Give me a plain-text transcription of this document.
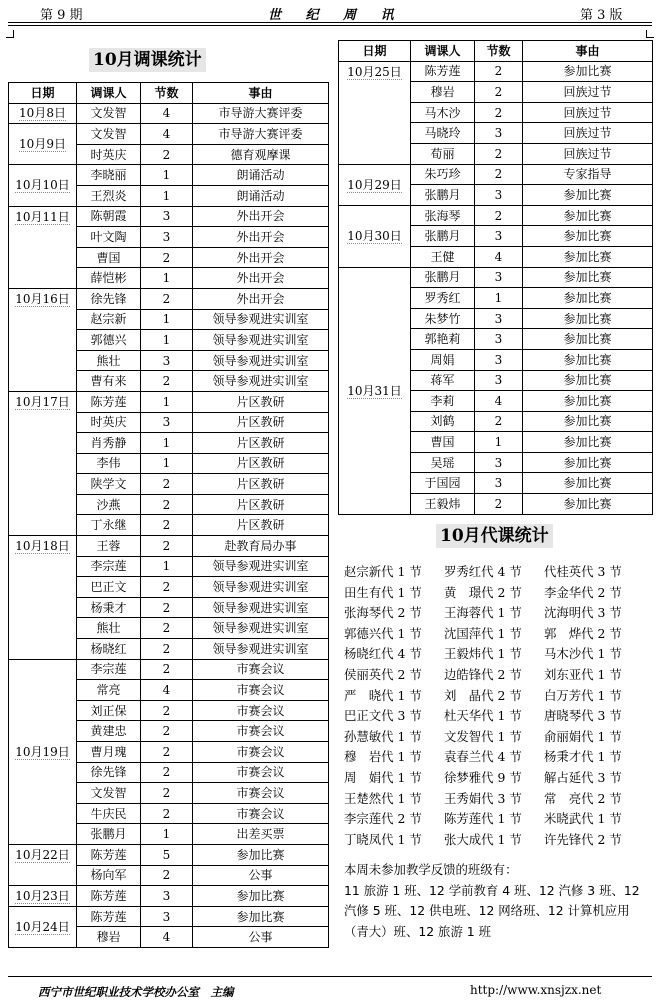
第 9 期	世 纪 周 讯	第 3 版
10月调课统计
日期	调课人	节数	事由
10月8日	文发智	4	市导游大赛评委
10月9日	文发智	4	市导游大赛评委
	时英庆	2	德育观摩课
10月10日	李晓丽	1	朗诵活动
	王烈炎	1	朗诵活动
10月11日	陈朝霞	3	外出开会
	叶文陶	3	外出开会
	曹国	2	外出开会
	薛恺彬	1	外出开会
10月16日	徐先锋	2	外出开会
	赵宗新	1	领导参观进实训室
	郭德兴	1	领导参观进实训室
	熊壮	3	领导参观进实训室
	曹有来	2	领导参观进实训室
10月17日	陈芳莲	1	片区教研
	时英庆	3	片区教研
	肖秀静	1	片区教研
	李伟	1	片区教研
	陕学文	2	片区教研
	沙燕	2	片区教研
	丁永继	2	片区教研
10月18日	王蓉	2	赴教育局办事
	李宗莲	1	领导参观进实训室
	巴正文	2	领导参观进实训室
	杨秉才	2	领导参观进实训室
	熊壮	2	领导参观进实训室
	杨晓红	2	领导参观进实训室
10月19日	李宗莲	2	市赛会议
	常亮	4	市赛会议
	刘正保	2	市赛会议
	黄建忠	2	市赛会议
	曹月瑰	2	市赛会议
	徐先锋	2	市赛会议
	文发智	2	市赛会议
	牛庆民	2	市赛会议
	张鹏月	1	出差买票
10月22日	陈芳莲	5	参加比赛
	杨向军	2	公事
10月23日	陈芳莲	3	参加比赛
10月24日	陈芳莲	3	参加比赛
	穆岩	4	公事
日期	调课人	节数	事由
10月25日	陈芳莲	2	参加比赛
	穆岩	2	回族过节
	马木沙	2	回族过节
	马晓玲	3	回族过节
	荀丽	2	回族过节
10月29日	朱巧珍	2	专家指导
	张鹏月	3	参加比赛
10月30日	张海琴	2	参加比赛
	张鹏月	3	参加比赛
	王健	4	参加比赛
10月31日	张鹏月	3	参加比赛
	罗秀红	1	参加比赛
	朱梦竹	3	参加比赛
	郭艳莉	3	参加比赛
	周娟	3	参加比赛
	蒋军	3	参加比赛
	李莉	4	参加比赛
	刘鹤	2	参加比赛
	曹国	1	参加比赛
	吴瑶	3	参加比赛
	于国园	3	参加比赛
	王毅炜	2	参加比赛
10月代课统计
赵宗新代 1 节 罗秀红代 4 节 代桂英代 3 节
田生有代 1 节 黄　璟代 2 节 李金华代 2 节
张海琴代 2 节 王海蓉代 1 节 沈海明代 3 节
郭德兴代 1 节 沈国萍代 1 节 郭　烨代 2 节
杨晓红代 4 节 王毅炜代 1 节 马木沙代 1 节
侯丽英代 2 节 边皓锋代 2 节 刘东亚代 1 节
严　晓代 1 节 刘　晶代 2 节 白万芳代 1 节
巴正文代 3 节 杜天华代 1 节 唐晓琴代 3 节
孙慧敏代 1 节 文发智代 1 节 俞丽娟代 1 节
穆　岩代 1 节 袁春兰代 4 节 杨秉才代 1 节
周　娟代 1 节 徐梦雅代 9 节 解占延代 3 节
王楚然代 1 节 王秀娟代 3 节 常　亮代 2 节
李宗莲代 2 节 陈芳莲代 1 节 米晓武代 1 节
丁晓凤代 1 节 张大成代 1 节 许先锋代 2 节
本周未参加教学反馈的班级有：
11 旅游 1 班、12 学前教育 4 班、12 汽修 3 班、12 汽修 5 班、12 供电班、12 网络班、12 计算机应用（青大）班、12 旅游 1 班
西宁市世纪职业技术学校办公室　主编	http://www.xnsjzx.net
